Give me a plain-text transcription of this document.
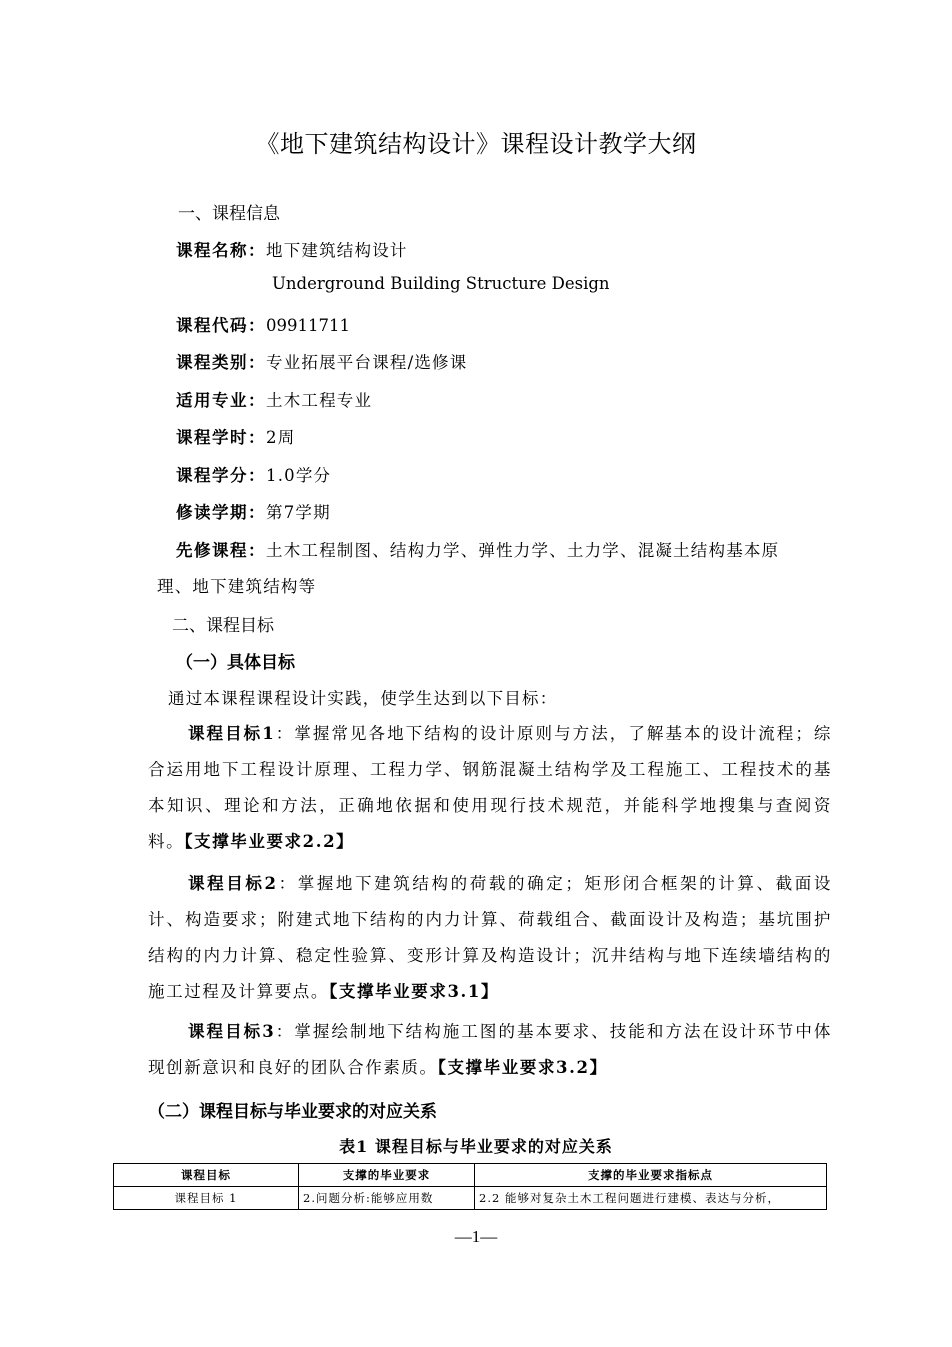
《地下建筑结构设计》课程设计教学大纲
一、课程信息
课程名称：地下建筑结构设计
Underground Building Structure Design
课程代码：09911711
课程类别：专业拓展平台课程/选修课
适用专业：土木工程专业
课程学时：2周
课程学分：1.0学分
修读学期：第7学期
先修课程：土木工程制图、结构力学、弹性力学、土力学、混凝土结构基本原
理、地下建筑结构等
二、课程目标
（一）具体目标
通过本课程课程设计实践，使学生达到以下目标：
课程目标1：掌握常见各地下结构的设计原则与方法，了解基本的设计流程；综合运用地下工程设计原理、工程力学、钢筋混凝土结构学及工程施工、工程技术的基本知识、理论和方法，正确地依据和使用现行技术规范，并能科学地搜集与查阅资料。【支撑毕业要求2.2】
课程目标2：掌握地下建筑结构的荷载的确定；矩形闭合框架的计算、截面设计、构造要求；附建式地下结构的内力计算、荷载组合、截面设计及构造；基坑围护结构的内力计算、稳定性验算、变形计算及构造设计；沉井结构与地下连续墙结构的施工过程及计算要点。【支撑毕业要求3.1】
课程目标3：掌握绘制地下结构施工图的基本要求、技能和方法在设计环节中体现创新意识和良好的团队合作素质。【支撑毕业要求3.2】
（二）课程目标与毕业要求的对应关系
表1 课程目标与毕业要求的对应关系
课程目标	支撑的毕业要求	支撑的毕业要求指标点
课程目标 1	2.问题分析:能够应用数	2.2 能够对复杂土木工程问题进行建模、表达与分析，
—1—
